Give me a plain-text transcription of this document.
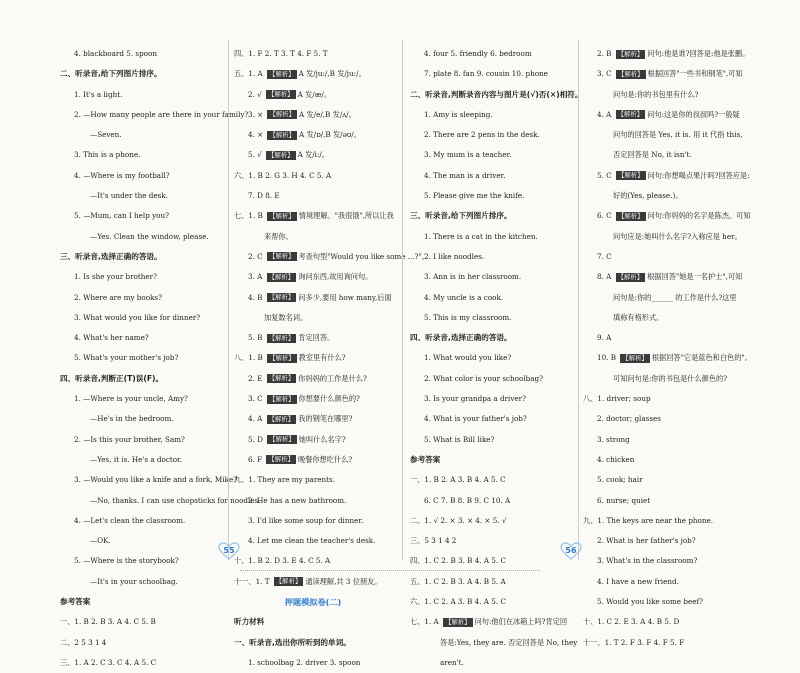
4. blackboard 5. spoon
二、听录音,给下列图片排序。
1. It's a light.
2. —How many people are there in your family?
—Seven.
3. This is a phone.
4. —Where is my football?
—It's under the desk.
5. —Mum, can I help you?
—Yes. Clean the window, please.
三、听录音,选择正确的答语。
1. Is she your brother?
2. Where are my books?
3. What would you like for dinner?
4. What's her name?
5. What's your mother's job?
四、听录音,判断正(T)误(F)。
1. —Where is your uncle, Amy?
—He's in the bedroom.
2. —Is this your brother, Sam?
—Yes, it is. He's a doctor.
3. —Would you like a knife and a fork, Mike?
—No, thanks. I can use chopsticks for noodles.
4. —Let's clean the classroom.
—OK.
5. —Where is the storybook?
—It's in your schoolbag.
参考答案
一、1. B 2. B 3. A 4. C 5. B
二、2 5 3 1 4
三、1. A 2. C 3. C 4. A 5. C
四、1. F 2. T 3. T 4. F 5. T
五、1. A 【解析】 A 发/ju:/,B 发/ju:/。
2. √ 【解析】 A 发/æ/。
3. × 【解析】 A 发/e/,B 发/ʌ/。
4. × 【解析】 A 发/ɒ/,B 发/əʊ/。
5. √ 【解析】 A 发/i:/。
六、1. B 2. G 3. H 4. C 5. A
7. D 8. E
七、1. B 【解析】 情境理解。"我很饿",所以让我
来帮你。
2. C 【解析】 考查句型"Would you like some ...?"。
3. A 【解析】 询问东西,故用询问句。
4. B 【解析】 问多少,要用 how many,后面
加复数名词。
5. B 【解析】 肯定回答。
八、1. B 【解析】 教室里有什么?
2. E 【解析】 你妈妈的工作是什么?
3. C 【解析】 你想要什么颜色的?
4. A 【解析】 我的钢笔在哪里?
5. D 【解析】 她叫什么名字?
6. F 【解析】 晚餐你想吃什么?
九、1. They are my parents.
2. He has a new bathroom.
3. I'd like some soup for dinner.
4. Let me clean the teacher's desk.
十、1. B 2. D 3. E 4. C 5. A
十一、1. T 【解析】 通读理解,共 3 位朋友。
押题模拟卷(二)
听力材料
一、听录音,选出你所听到的单词。
1. schoolbag 2. driver 3. spoon
4. four 5. friendly 6. bedroom
7. plate 8. fan 9. cousin 10. phone
二、听录音,判断录音内容与图片是(√)否(×)相符。
1. Amy is sleeping.
2. There are 2 pens in the desk.
3. My mum is a teacher.
4. The man is a driver.
5. Please give me the knife.
三、听录音,给下列图片排序。
1. There is a cat in the kitchen.
2. I like noodles.
3. Ann is in her classroom.
4. My uncle is a cook.
5. This is my classroom.
四、听录音,选择正确的答语。
1. What would you like?
2. What color is your schoolbag?
3. Is your grandpa a driver?
4. What is your father's job?
5. What is Bill like?
参考答案
一、1. B 2. A 3. B 4. A 5. C
6. C 7. B 8. B 9. C 10. A
二、1. √ 2. × 3. × 4. × 5. √
三、5 3 1 4 2
四、1. C 2. B 3. B 4. A 5. C
五、1. C 2. B 3. A 4. B 5. A
六、1. C 2. A 3. B 4. A 5. C
七、1. A 【解析】 问句:他们在冰箱上吗?肯定回
答是:Yes, they are. 否定回答是 No, they
aren't.
2. B 【解析】 问句:他是谁?回答是:他是张鹏。
3. C 【解析】 根据回答"一些书和钢笔",可知
问句是:你的书包里有什么?
4. A 【解析】 问句:这是你的叔叔吗?一般疑
问句的回答是 Yes, it is. 用 it 代指 this,
否定回答是 No, it isn't.
5. C 【解析】 问句:你想喝点果汁吗?回答应是:
好的(Yes, please.)。
6. C 【解析】 问句:你妈妈的名字是陈杰。可知
问句应是:她叫什么名字?入称应是 her。
7. C
8. A 【解析】 根据回答"她是一名护士",可知
问句是:你的______ 的工作是什么?这里
填称有格形式。
9. A
10. B 【解析】 根据回答"它是蓝色和白色的",
可知问句是:你的书包是什么颜色的?
八、1. driver; soup
2. doctor; glasses
3. strong
4. chicken
5. cook; hair
6. nurse; quiet
九、1. The keys are near the phone.
2. What is her father's job?
3. What's in the classroom?
4. I have a new friend.
5. Would you like some beef?
十、1. C 2. E 3. A 4. B 5. D
十一、1. T 2. F 3. F 4. F 5. F
55	56
